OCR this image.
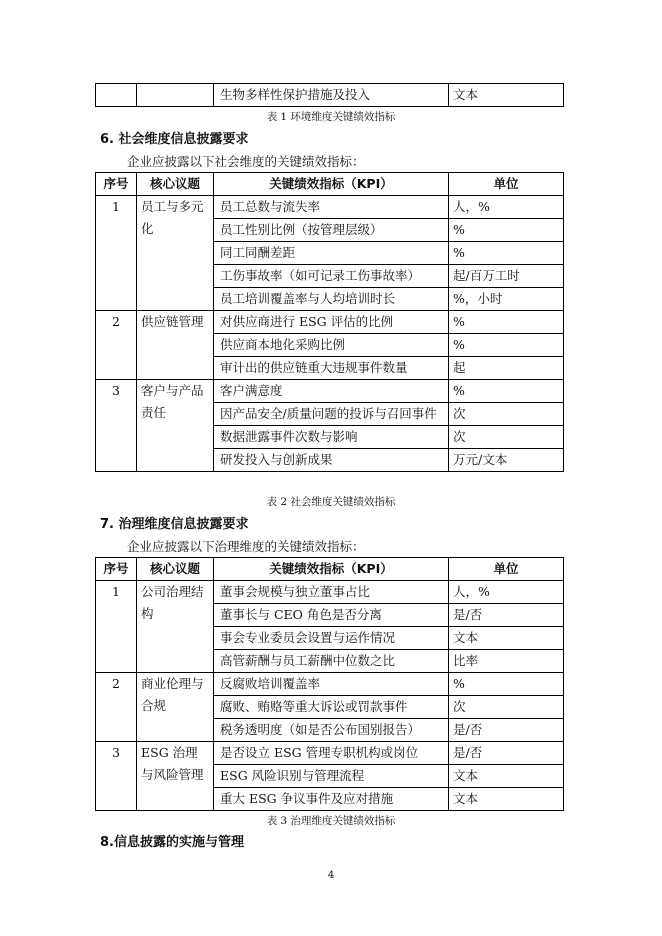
		生物多样性保护措施及投入	文本
表 1 环境维度关键绩效指标
6. 社会维度信息披露要求
企业应披露以下社会维度的关键绩效指标：
序号	核心议题	关键绩效指标（KPI）	单位
1	员工与多元化	员工总数与流失率	人，%
		员工性别比例（按管理层级）	%
		同工同酬差距	%
		工伤事故率（如可记录工伤事故率）	起/百万工时
		员工培训覆盖率与人均培训时长	%，小时
2	供应链管理	对供应商进行 ESG 评估的比例	%
		供应商本地化采购比例	%
		审计出的供应链重大违规事件数量	起
3	客户与产品责任	客户满意度	%
		因产品安全/质量问题的投诉与召回事件	次
		数据泄露事件次数与影响	次
		研发投入与创新成果	万元/文本
表 2 社会维度关键绩效指标
7. 治理维度信息披露要求
企业应披露以下治理维度的关键绩效指标：
序号	核心议题	关键绩效指标（KPI）	单位
1	公司治理结构	董事会规模与独立董事占比	人，%
		董事长与 CEO 角色是否分离	是/否
		事会专业委员会设置与运作情况	文本
		高管薪酬与员工薪酬中位数之比	比率
2	商业伦理与合规	反腐败培训覆盖率	%
		腐败、贿赂等重大诉讼或罚款事件	次
		税务透明度（如是否公布国别报告）	是/否
3	ESG 治理与风险管理	是否设立 ESG 管理专职机构或岗位	是/否
		ESG 风险识别与管理流程	文本
		重大 ESG 争议事件及应对措施	文本
表 3 治理维度关键绩效指标
8.信息披露的实施与管理
4
